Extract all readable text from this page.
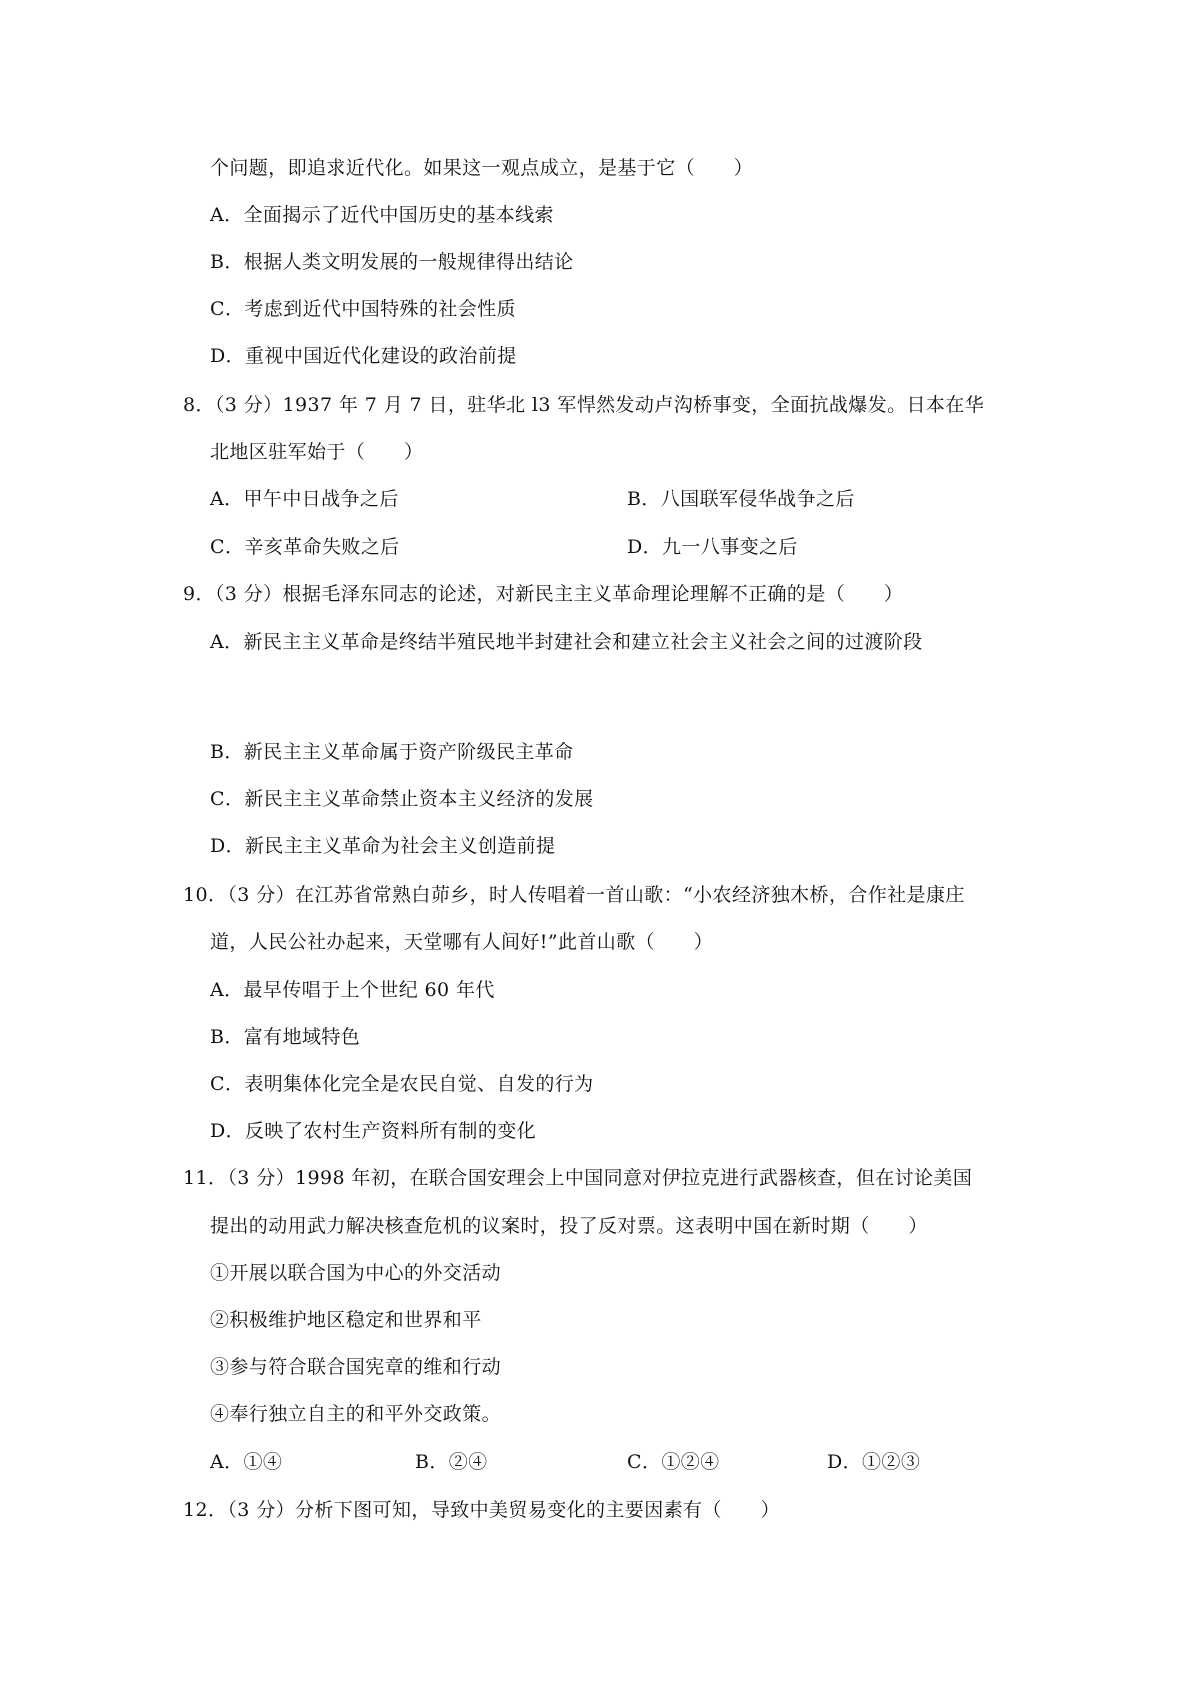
个问题，即追求近代化。如果这一观点成立，是基于它（　　）
A．全面揭示了近代中国历史的基本线索
B．根据人类文明发展的一般规律得出结论
C．考虑到近代中国特殊的社会性质
D．重视中国近代化建设的政治前提
8．（3 分）1937 年 7 月 7 日，驻华北 l3 军悍然发动卢沟桥事变，全面抗战爆发。日本在华
北地区驻军始于（　　）
A．甲午中日战争之后	B．八国联军侵华战争之后
C．辛亥革命失败之后	D．九一八事变之后
9．（3 分）根据毛泽东同志的论述，对新民主主义革命理论理解不正确的是（　　）
A．新民主主义革命是终结半殖民地半封建社会和建立社会主义社会之间的过渡阶段
B．新民主主义革命属于资产阶级民主革命
C．新民主主义革命禁止资本主义经济的发展
D．新民主主义革命为社会主义创造前提
10．（3 分）在江苏省常熟白茆乡，时人传唱着一首山歌：“小农经济独木桥，合作社是康庄
道，人民公社办起来，天堂哪有人间好!”此首山歌（　　）
A．最早传唱于上个世纪 60 年代
B．富有地域特色
C．表明集体化完全是农民自觉、自发的行为
D．反映了农村生产资料所有制的变化
11．（3 分）1998 年初，在联合国安理会上中国同意对伊拉克进行武器核查，但在讨论美国
提出的动用武力解决核查危机的议案时，投了反对票。这表明中国在新时期（　　）
①开展以联合国为中心的外交活动
②积极维护地区稳定和世界和平
③参与符合联合国宪章的维和行动
④奉行独立自主的和平外交政策。
A．①④	B．②④	C．①②④	D．①②③
12．（3 分）分析下图可知，导致中美贸易变化的主要因素有（　　）
